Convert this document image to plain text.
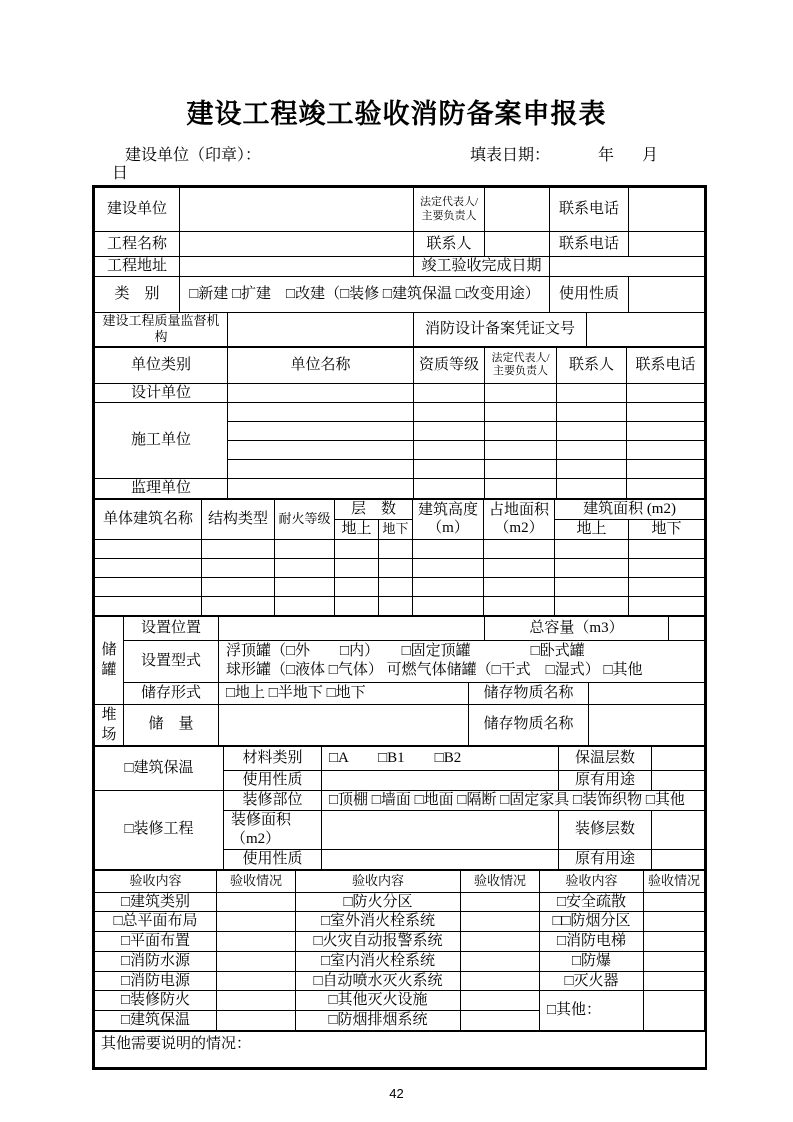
建设工程竣工验收消防备案申报表
建设单位（印章）：	填表日期：	年 月
日
建设单位			法定代表人/主要负责人		联系电话		
工程名称			联系人		联系电话		
工程地址			竣工验收完成日期				
类　别	□新建 □扩建　□改建（□装修 □建筑保温 □改变用途）				使用性质		
建设工程质量监督机构			消防设计备案凭证文号				
单位类别	单位名称	资质等级	法定代表人/主要负责人	联系人	联系电话
设计单位					
施工单位					

监理单位					
单体建筑名称	结构类型	耐火等级	层　数		建筑高度（m）	占地面积（m2）	建筑面积 (m2)	
			地上	地下			地上	地下

储罐	设置位置			总容量（m3）		
	设置型式	浮顶罐（□外　　□内）　　□固定顶罐　　　　□卧式罐
球形罐（□液体 □气体） 可燃气体储罐（□干式　□湿式） □其他				

	储存形式	□地上 □半地下 □地下	储存物质名称			

堆场	储　量		储存物质名称			
□建筑保温	材料类别	□A　　□B1　　□B2	保温层数	
	使用性质		原有用途	
□装修工程	装修部位	□顶棚 □墙面 □地面 □隔断 □固定家具 □装饰织物 □其他		
	装修面积（m2）		装修层数	
	使用性质		原有用途	
验收内容	验收情况	验收内容	验收情况	验收内容	验收情况
□建筑类别		□防火分区		□安全疏散	
□总平面布局		□室外消火栓系统		□□防烟分区	
□平面布置		□火灾自动报警系统		□消防电梯	
□消防水源		□室内消火栓系统		□防爆	
□消防电源		□自动喷水灭火系统		□灭火器	
□装修防火		□其他灭火设施		□其他：	
□建筑保温		□防烟排烟系统			
其他需要说明的情况：
42
